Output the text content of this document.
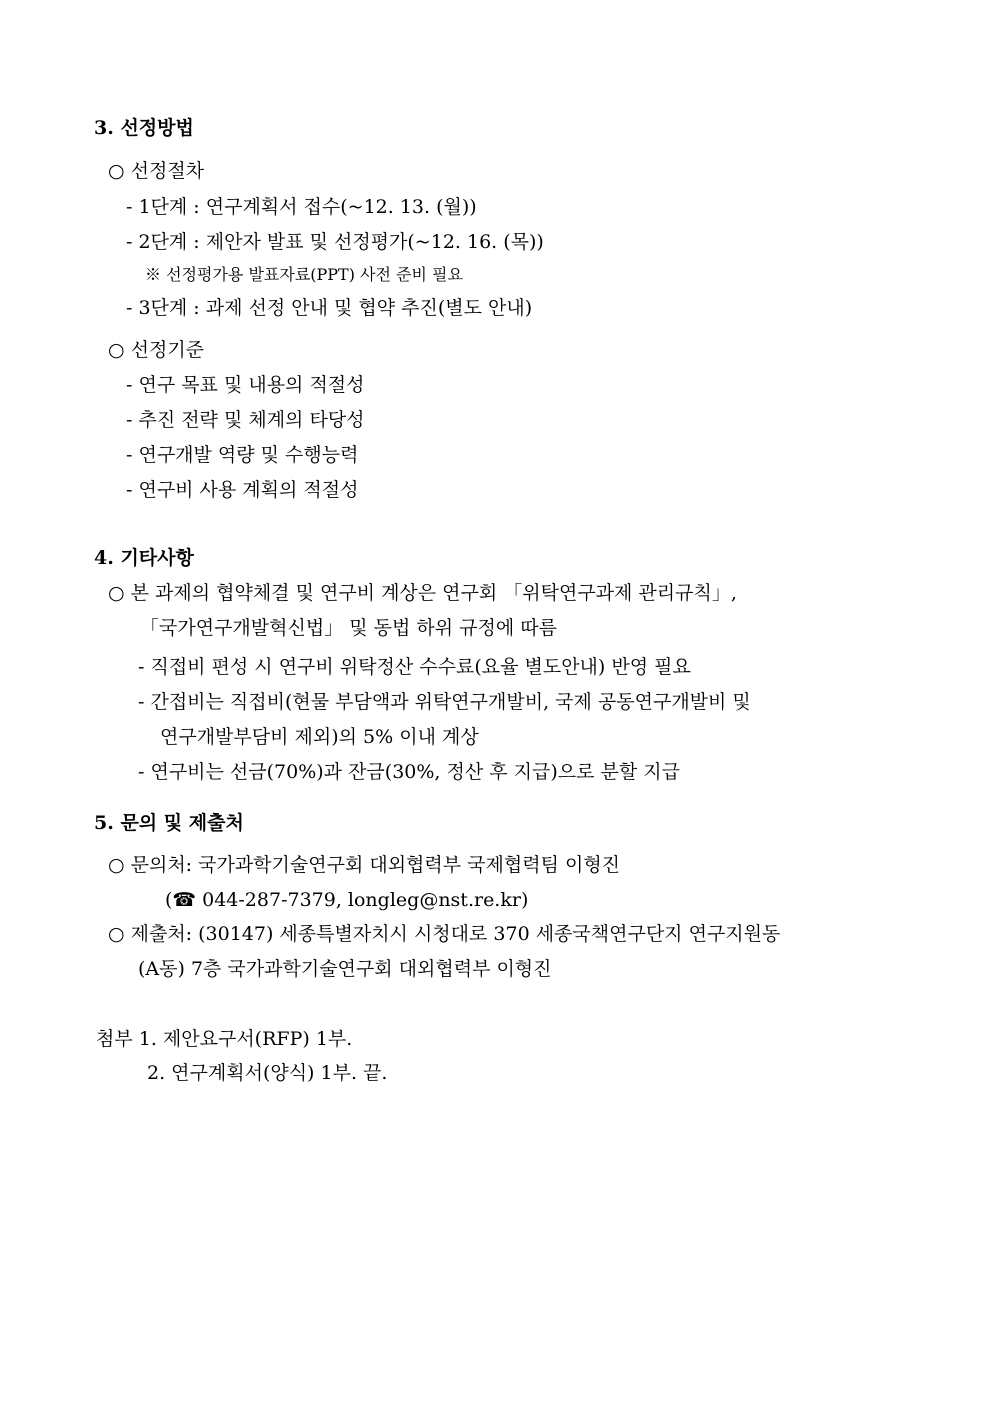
3. 선정방법
○ 선정절차
- 1단계 : 연구계획서 접수(~12. 13. (월))
- 2단계 : 제안자 발표 및 선정평가(~12. 16. (목))
※ 선정평가용 발표자료(PPT) 사전 준비 필요
- 3단계 : 과제 선정 안내 및 협약 추진(별도 안내)
○ 선정기준
- 연구 목표 및 내용의 적절성
- 추진 전략 및 체계의 타당성
- 연구개발 역량 및 수행능력
- 연구비 사용 계획의 적절성
4. 기타사항
○ 본 과제의 협약체결 및 연구비 계상은 연구회 「위탁연구과제 관리규칙」,
「국가연구개발혁신법」 및 동법 하위 규정에 따름
- 직접비 편성 시 연구비 위탁정산 수수료(요율 별도안내) 반영 필요
- 간접비는 직접비(현물 부담액과 위탁연구개발비, 국제 공동연구개발비 및
연구개발부담비 제외)의 5% 이내 계상
- 연구비는 선금(70%)과 잔금(30%, 정산 후 지급)으로 분할 지급
5. 문의 및 제출처
○ 문의처: 국가과학기술연구회 대외협력부 국제협력팀 이형진
(☎ 044-287-7379, longleg@nst.re.kr)
○ 제출처: (30147) 세종특별자치시 시청대로 370 세종국책연구단지 연구지원동
(A동) 7층 국가과학기술연구회 대외협력부 이형진
첨부 1. 제안요구서(RFP) 1부.
2. 연구계획서(양식) 1부. 끝.
